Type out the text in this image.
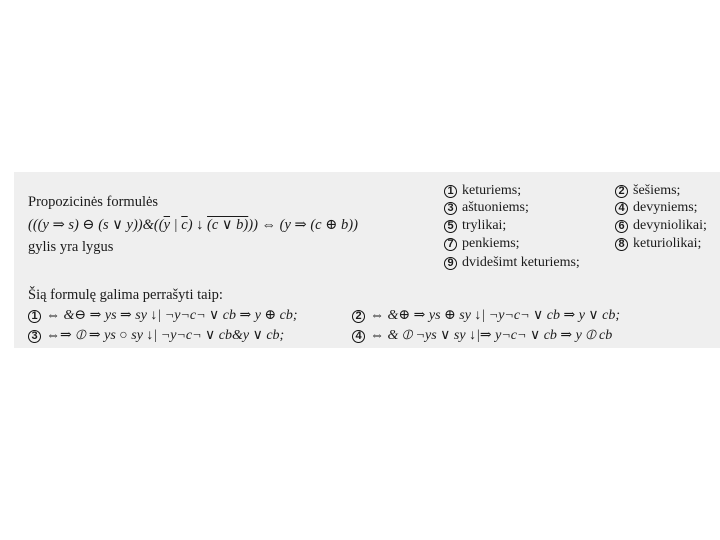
Propozicinės formulės
(((y ⇒ s) ⊖ (s ∨ $y))\&((\overline{y}$ | $\overline{c}$) ↓ (c ∨ b))) ⇔ (y ⇒ (c ⊕ b))
gylis yra lygus
1 keturiems;
3 aštuoniems;
5 trylikai;
7 penkiems;
9 dvidešimt keturiems;
2 šešiems;
4 devyniems;
6 devyniolikai;
8 keturiolikai;
Šią formulę galima perrašyti taip:
1 ⇔ &⊖ ⇒ ys ⇒ sy ↓| ¬y¬c¬ ∨ cb ⇒ y ⊕ cb;
3 ⇔⇒ ⦶ ⇒ ys ○ sy ↓| ¬y¬c¬ ∨ cb&y ∨ cb;
2 ⇔ &⊕ ⇒ ys ⊕ sy ↓| ¬y¬c¬ ∨ cb ⇒ y ∨ cb;
4 ⇔ & ⦶ ¬ys ∨ sy ↓|⇒ y¬c¬ ∨ cb ⇒ y ⦶ cb
